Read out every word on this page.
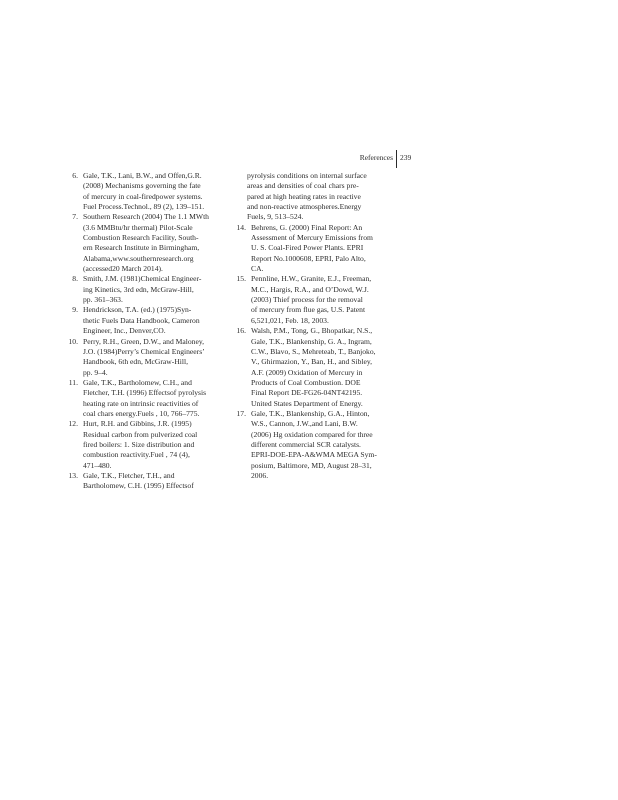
References 239
6. Gale, T.K., Lani, B.W., and Offen,G.R.
(2008) Mechanisms governing the fate
of mercury in coal-firedpower systems.
Fuel Process.Technol., 89 (2), 139–151.
7. Southern Research (2004) The 1.1 MWth
(3.6 MMBtu/hr thermal) Pilot-Scale
Combustion Research Facility, South-
ern Research Institute in Birmingham,
Alabama,www.southernresearch.org
(accessed20 March 2014).
8. Smith, J.M. (1981)Chemical Engineer-
ing Kinetics, 3rd edn, McGraw-Hill,
pp. 361–363.
9. Hendrickson, T.A. (ed.) (1975)Syn-
thetic Fuels Data Handbook, Cameron
Engineer, Inc., Denver,CO.
10. Perry, R.H., Green, D.W., and Maloney,
J.O. (1984)Perry’s Chemical Engineers’
Handbook, 6th edn, McGraw-Hill,
pp. 9–4.
11. Gale, T.K., Bartholomew, C.H., and
Fletcher, T.H. (1996) Effectsof pyrolysis
heating rate on intrinsic reactivities of
coal chars energy.Fuels , 10, 766–775.
12. Hurt, R.H. and Gibbins, J.R. (1995)
Residual carbon from pulverized coal
fired boilers: 1. Size distribution and
combustion reactivity.Fuel , 74 (4),
471–480.
13. Gale, T.K., Fletcher, T.H., and
Bartholomew, C.H. (1995) Effectsof
pyrolysis conditions on internal surface
areas and densities of coal chars pre-
pared at high heating rates in reactive
and non-reactive atmospheres.Energy
Fuels, 9, 513–524.
14. Behrens, G. (2000) Final Report: An
Assessment of Mercury Emissions from
U. S. Coal-Fired Power Plants. EPRI
Report No.1000608, EPRI, Palo Alto,
CA.
15. Pennline, H.W., Granite, E.J., Freeman,
M.C., Hargis, R.A., and O’Dowd, W.J.
(2003) Thief process for the removal
of mercury from flue gas, U.S. Patent
6,521,021, Feb. 18, 2003.
16. Walsh, P.M., Tong, G., Bhopatkar, N.S.,
Gale, T.K., Blankenship, G. A., Ingram,
C.W., Blavo, S., Mehreteab, T., Banjoko,
V., Ghirmazion, Y., Ban, H., and Sibley,
A.F. (2009) Oxidation of Mercury in
Products of Coal Combustion. DOE
Final Report DE-FG26-04NT42195.
United States Department of Energy.
17. Gale, T.K., Blankenship, G.A., Hinton,
W.S., Cannon, J.W.,and Lani, B.W.
(2006) Hg oxidation compared for three
different commercial SCR catalysts.
EPRI-DOE-EPA-A&WMA MEGA Sym-
posium, Baltimore, MD, August 28–31,
2006.
